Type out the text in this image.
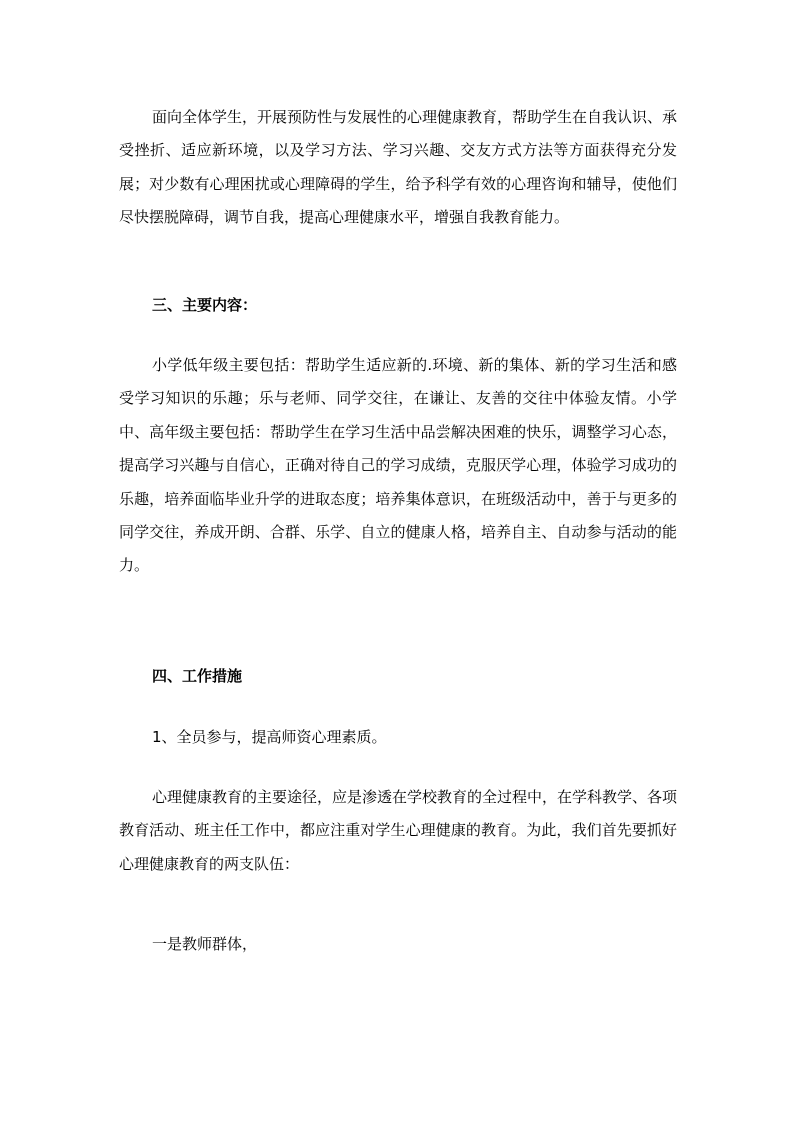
面向全体学生，开展预防性与发展性的心理健康教育，帮助学生在自我认识、承受挫折、适应新环境，以及学习方法、学习兴趣、交友方式方法等方面获得充分发展；对少数有心理困扰或心理障碍的学生，给予科学有效的心理咨询和辅导，使他们尽快摆脱障碍，调节自我，提高心理健康水平，增强自我教育能力。

三、主要内容：

小学低年级主要包括：帮助学生适应新的.环境、新的集体、新的学习生活和感受学习知识的乐趣；乐与老师、同学交往，在谦让、友善的交往中体验友情。小学中、高年级主要包括：帮助学生在学习生活中品尝解决困难的快乐，调整学习心态，提高学习兴趣与自信心，正确对待自己的学习成绩，克服厌学心理，体验学习成功的乐趣，培养面临毕业升学的进取态度；培养集体意识，在班级活动中，善于与更多的同学交往，养成开朗、合群、乐学、自立的健康人格，培养自主、自动参与活动的能力。

四、工作措施

1、全员参与，提高师资心理素质。

心理健康教育的主要途径，应是渗透在学校教育的全过程中，在学科教学、各项教育活动、班主任工作中，都应注重对学生心理健康的教育。为此，我们首先要抓好心理健康教育的两支队伍：

一是教师群体，
